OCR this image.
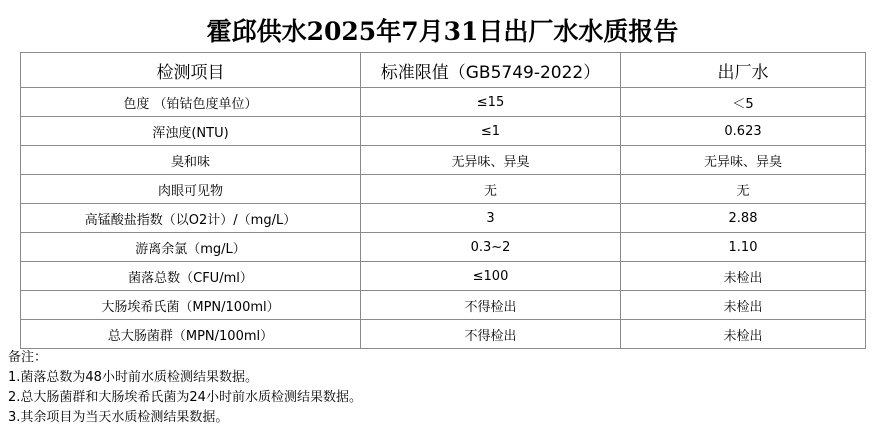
霍邱供水2025年7月31日出厂水水质报告
检测项目	标准限值（GB5749-2022）	出厂水
色度 （铂钴色度单位）	≤15	＜5
浑浊度(NTU)	≤1	0.623
臭和味	无异味、异臭	无异味、异臭
肉眼可见物	无	无
高锰酸盐指数（以O2计）/（mg/L）	3	2.88
游离余氯（mg/L）	0.3~2	1.10
菌落总数（CFU/ml）	≤100	未检出
大肠埃希氏菌（MPN/100ml）	不得检出	未检出
总大肠菌群（MPN/100ml）	不得检出	未检出
备注：
1.菌落总数为48小时前水质检测结果数据。
2.总大肠菌群和大肠埃希氏菌为24小时前水质检测结果数据。
3.其余项目为当天水质检测结果数据。
